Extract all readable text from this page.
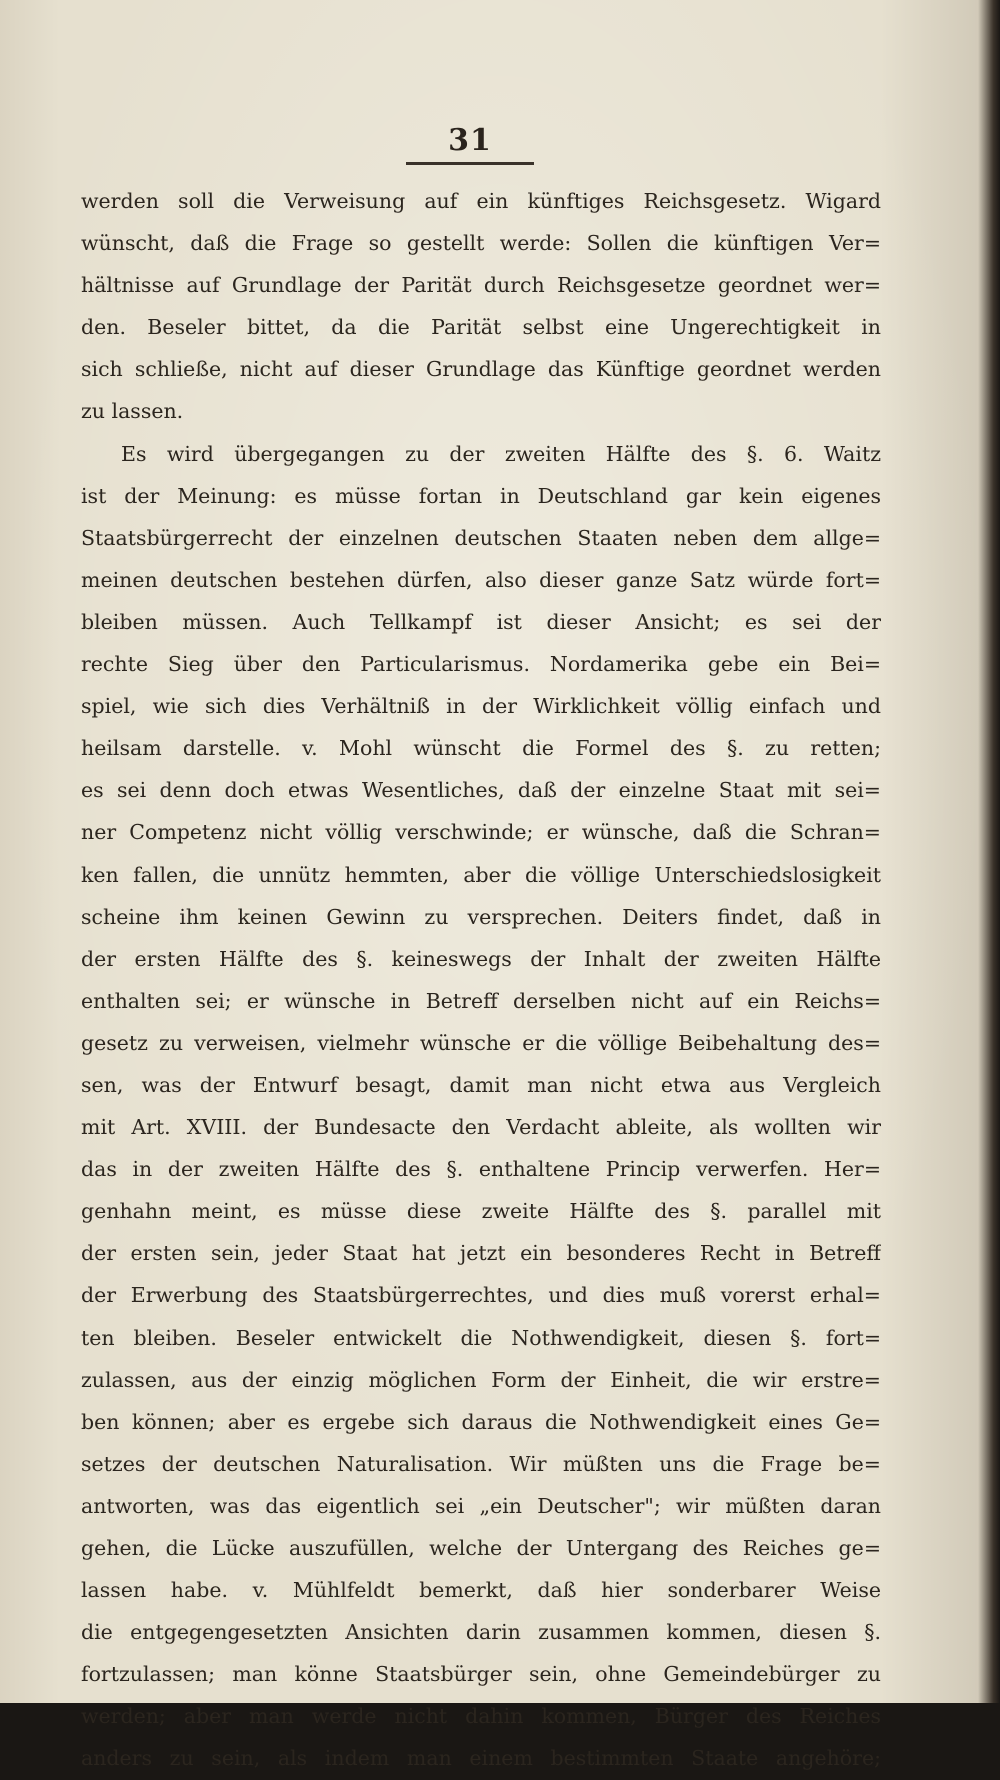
31
werden soll die Verweisung auf ein künftiges Reichsgesetz. Wigard
wünscht, daß die Frage so gestellt werde: Sollen die künftigen Ver=
hältnisse auf Grundlage der Parität durch Reichsgesetze geordnet wer=
den. Beseler bittet, da die Parität selbst eine Ungerechtigkeit in
sich schließe, nicht auf dieser Grundlage das Künftige geordnet werden
zu lassen.
Es wird übergegangen zu der zweiten Hälfte des §. 6. Waitz
ist der Meinung: es müsse fortan in Deutschland gar kein eigenes
Staatsbürgerrecht der einzelnen deutschen Staaten neben dem allge=
meinen deutschen bestehen dürfen, also dieser ganze Satz würde fort=
bleiben müssen. Auch Tellkampf ist dieser Ansicht; es sei der
rechte Sieg über den Particularismus. Nordamerika gebe ein Bei=
spiel, wie sich dies Verhältniß in der Wirklichkeit völlig einfach und
heilsam darstelle. v. Mohl wünscht die Formel des §. zu retten;
es sei denn doch etwas Wesentliches, daß der einzelne Staat mit sei=
ner Competenz nicht völlig verschwinde; er wünsche, daß die Schran=
ken fallen, die unnütz hemmten, aber die völlige Unterschiedslosigkeit
scheine ihm keinen Gewinn zu versprechen. Deiters findet, daß in
der ersten Hälfte des §. keineswegs der Inhalt der zweiten Hälfte
enthalten sei; er wünsche in Betreff derselben nicht auf ein Reichs=
gesetz zu verweisen, vielmehr wünsche er die völlige Beibehaltung des=
sen, was der Entwurf besagt, damit man nicht etwa aus Vergleich
mit Art. XVIII. der Bundesacte den Verdacht ableite, als wollten wir
das in der zweiten Hälfte des §. enthaltene Princip verwerfen. Her=
genhahn meint, es müsse diese zweite Hälfte des §. parallel mit
der ersten sein, jeder Staat hat jetzt ein besonderes Recht in Betreff
der Erwerbung des Staatsbürgerrechtes, und dies muß vorerst erhal=
ten bleiben. Beseler entwickelt die Nothwendigkeit, diesen §. fort=
zulassen, aus der einzig möglichen Form der Einheit, die wir erstre=
ben können; aber es ergebe sich daraus die Nothwendigkeit eines Ge=
setzes der deutschen Naturalisation. Wir müßten uns die Frage be=
antworten, was das eigentlich sei „ein Deutscher"; wir müßten daran
gehen, die Lücke auszufüllen, welche der Untergang des Reiches ge=
lassen habe. v. Mühlfeldt bemerkt, daß hier sonderbarer Weise
die entgegengesetzten Ansichten darin zusammen kommen, diesen §.
fortzulassen; man könne Staatsbürger sein, ohne Gemeindebürger zu
werden; aber man werde nicht dahin kommen, Bürger des Reiches
anders zu sein, als indem man einem bestimmten Staate angehöre;
